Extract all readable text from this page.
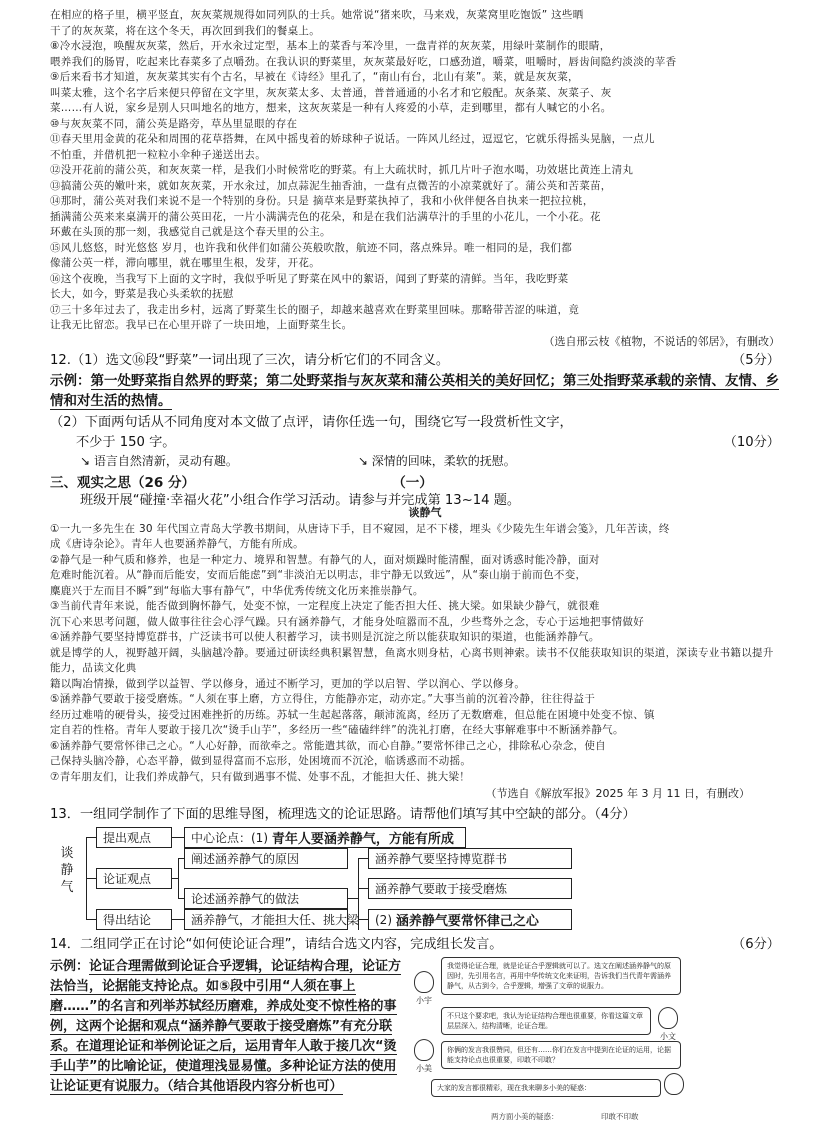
在相应的格子里，横平竖直，灰灰菜规规得如同列队的士兵。她常说“猪来吹，马来戏，灰菜窝里吃饱饭” 这些晒

干了的灰灰菜，将在这个冬天，再次回到我们的餐桌上。

⑧冷水浸泡，唤醒灰灰菜，然后，开水汆过定型，基本上的菜香与苯冷里，一盘青祥的灰灰菜，用绿叶菜制作的眼睛，

喂养我们的肠胃，吃起来比春菜多了点嚼劲。在我认识的野菜里，灰灰菜最好吃，口感劲道，嚼菜，咀嚼时，唇齿间隐约淡淡的苹香

⑨后来看书才知道，灰灰菜其实有个古名，早被在《诗经》里孔了，“南山有台，北山有莱”。莱，就是灰灰菜，

叫菜太雅，这个名字后来便只停留在文字里，灰灰菜太多、太普通，普普通通的小名才和它般配。灰条菜、灰菜子、灰

菜……有人说，家乡是别人只叫地名的地方，想来，这灰灰菜是一种有人疼爱的小草，走到哪里，都有人喊它的小名。

⑩与灰灰菜不同，蒲公英是路旁，草丛里显眼的存在

⑪春天里用金黄的花朵和周围的花草搭舞，在风中摇曳着的娇球种子说话。一阵风儿经过，逗逗它，它就乐得摇头晃脑，一点儿

不怕重，并借机把一粒粒小伞种子递送出去。

⑫没开花前的蒲公英，和灰灰菜一样，是我们小时候常吃的野菜。有上大疏状时，抓几片叶子泡水喝，功效堪比黄连上清丸

⑬搞蒲公英的嫩叶来，就如灰灰菜，开水汆过，加点蒜泥生抽香油，一盘有点微苦的小凉菜就好了。蒲公英和苦菜苗，

⑭那时，蒲公英对我们来说不是一个特别的身份。只是 摘草来是野菜执掉了，我和小伙伴便各自执来一把拉拉桃，

插满蒲公英来来桌满开的蒲公英田花，一片小满满壳色的花朵，和是在我们沾满草汁的手里的小花儿，一个小花。花

环戴在头顶的那一刻，我感觉自己就是这个春天里的公主。

⑮风儿悠悠，时光悠悠 岁月，也许我和伙伴们如蒲公英般吹散，航迹不同，落点殊异。唯一相同的是，我们都

像蒲公英一样，滞向哪里，就在哪里生根，发芽，开花。

⑯这个夜晚，当我写下上面的文字时，我似乎听见了野菜在风中的絮语，闻到了野菜的清鲜。当年，我吃野菜

长大，如今，野菜是我心头柔软的抚慰

⑰三十多年过去了，我走出乡村，远离了野菜生长的圈子，却越来越喜欢在野菜里回味。那略带苦涩的味道，竟

让我无比留恋。我早已在心里开辟了一块田地，上面野菜生长。

（选自邢云枝《植物，不说话的邻居》，有删改）
12.（1）选文⑯段“野菜”一词出现了三次，请分析它们的不同含义。	（5分）
示例：第一处野菜指自然界的野菜；第二处野菜指与灰灰菜和蒲公英相关的美好回忆；第三处指野菜承载的亲情、友情、乡情和对生活的热情。
（2）下面两句话从不同角度对本文做了点评，请你任选一句，围绕它写一段赏析性文字，
不少于 150 字。	（10分）
↘ 语言自然清新，灵动有趣。	↘ 深情的回味，柔软的抚慰。
三、观实之思（26 分）	（一）
班级开展“碰撞·幸福火花”小组合作学习活动。请参与并完成第 13~14 题。
谈静气

①一九一多先生在 30 年代国立青岛大学教书期间，从唐诗下手，目不窥园，足不下楼，埋头《少陵先生年谱会笺》，几年苦读，终

成《唐诗杂论》。青年人也要涵养静气，方能有所成。

②静气是一种气质和修养，也是一种定力、境界和智慧。有静气的人，面对烦躁时能清醒，面对诱惑时能冷静，面对

危难时能沉着。从“静而后能安，安而后能虑”到“非淡泊无以明志，非宁静无以致远”，从“泰山崩于前而色不变，

麋鹿兴于左而目不瞬”到“每临大事有静气”，中华优秀传统文化历来推崇静气。

③当前代青年来说，能否做到胸怀静气，处变不惊，一定程度上决定了能否担大任、挑大梁。如果缺少静气，就很难

沉下心来思考问题，做人做事往往会心浮气躁。只有涵养静气，才能身处喧嚣而不乱，少些骛外之念，专心于运地把事情做好

④涵养静气要坚持博览群书，广泛读书可以使人积蓄学习，读书则是沉淀之所以能获取知识的渠道，也能涵养静气。

就是博学的人，视野越开阔，头脑越冷静。要通过研读经典积累智慧，鱼离水则身枯，心离书则神索。读书不仅能获取知识的渠道，深读专业书籍以提升能力，品读文化典

籍以陶冶情操，做到学以益智、学以修身，通过不断学习，更加的学以启智、学以润心、学以修身。

⑤涵养静气要敢于接受磨炼。“人须在事上磨，方立得住，方能静亦定，动亦定。”大事当前的沉着冷静，往往得益于

经历过难啃的硬骨头，接受过困难挫折的历练。苏轼一生起起落落，颠沛流离，经历了无数磨难，但总能在困境中处变不惊、镇

定自若的性格。青年人要敢于接几次“烫手山芋”，多经历一些“磕磕绊绊”的洗礼打磨，在经大事解难事中不断涵养静气。

⑥涵养静气要常怀律己之心。“人心好静，而欲牵之。常能遣其欲，而心自静。”要常怀律己之心，排除私心杂念，使自

己保持头脑冷静，心态平静，做到显得富而不忘形，处困境而不沉沦，临诱惑而不动摇。

⑦青年朋友们，让我们养成静气，只有做到遇事不慌、处事不乱，才能担大任、挑大梁！

（节选自《解放军报》2025 年 3 月 11 日，有删改）
13．一组同学制作了下面的思维导图，梳理选文的论证思路。请帮他们填写其中空缺的部分。（4分）
谈静气
提出观点
论证观点
得出结论
中心论点：(1)
青年人要涵养静气，方能有所成
阐述涵养静气的原因
论述涵养静气的做法
涵养静气要坚持博览群书
涵养静气要敢于接受磨炼
(2)
涵养静气要常怀律己之心
涵养静气，才能担大任、挑大梁
14．二组同学正在讨论“如何使论证合理”，请结合选文内容，完成组长发言。	（6分）
示例：论证合理需做到论证合乎逻辑，论证结构合理，论证方法恰当，论据能支持论点。如⑤段中引用“人须在事上磨……”的名言和列举苏轼经历磨难，养成处变不惊性格的事例，这两个论据和观点“涵养静气要敢于接受磨炼”有充分联系。在道理论证和举例论证之后，运用青年人敢于接几次“烫手山芋”的比喻论证，使道理浅显易懂。多种论证方法的使用让论证更有说服力。（结合其他语段内容分析也可）
小宇
我觉得论证合理，就是论证合乎逻辑就可以了。选文在阐述涵养静气的原因时，先引用名言，再用中华传统文化来证明，告诉我们当代青年需涵养静气，从古到今，合乎逻辑，增强了文章的说服力。
不只这个要求吧，我认为论证结构合理也很重要，你看这篇文章层层深入，结构清晰，论证合理。
小文
小美
你俩的发言我很赞同，但还有……你们在发言中提到在论证的运用，论据能支持论点也很重要，印敢不印敢？
大家的发言都很精彩，现在我来聊多小美的疑惑：
两方面小美的疑惑：	印敢不印敢
